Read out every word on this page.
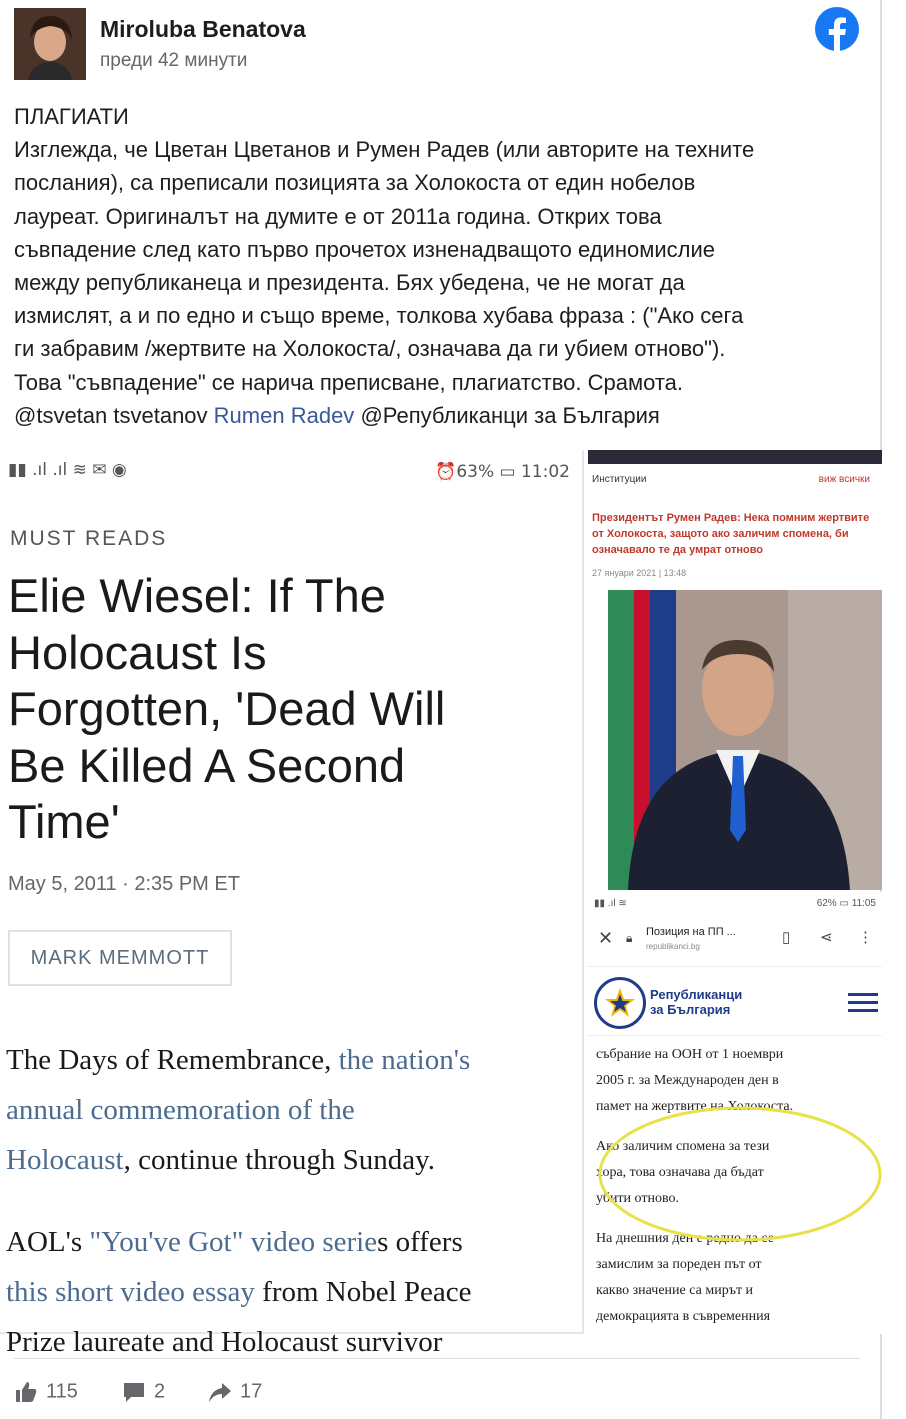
Miroluba Benatova
преди 42 минути
ПЛАГИАТИ
Изглежда, че Цветан Цветанов и Румен Радев (или авторите на техните
послания), са преписали позицията за Холокоста от един нобелов
лауреат. Оригиналът на думите е от 2011а година. Открих това
съвпадение след като първо прочетох изненадващото единомислие
между републиканеца и президента. Бях убедена, че не могат да
измислят, а и по едно и също време, толкова хубава фраза : ("Ако сега
ги забравим /жертвите на Холокоста/, означава да ги убием отново").
Това "съвпадение" се нарича преписване, плагиатство. Срамота.
@tsvetan tsvetanov Rumen Radev @Републиканци за България
▮▮ .ıl .ıl ≋ ✉ ◉	⏰63% ▭ 11:02
MUST READS
Elie Wiesel: If The
Holocaust Is
Forgotten, 'Dead Will
Be Killed A Second
Time'
May 5, 2011 · 2:35 PM ET
MARK MEMMOTT
The Days of Remembrance, the nation's
annual commemoration of the
Holocaust, continue through Sunday.
AOL's "You've Got" video series offers
this short video essay from Nobel Peace
Prize laureate and Holocaust survivor
Институции	виж всички
Президентът Румен Радев: Нека помним жертвите от Холокоста, защото ако заличим спомена, би означавало те да умрат отново
27 януари 2021 | 13:48
▮▮ .ıl ≋	62% ▭ 11:05
✕ 🔒︎ Позиция на ПП ...
republikanci.bg
▯ ⋖ ⋮
Републиканци
за България
събрание на ООН от 1 ноември
2005 г. за Международен ден в
памет на жертвите на Холокоста.
Ако заличим спомена за тези
хора, това означава да бъдат
убити отново.
На днешния ден е редно да се
замислим за пореден път от
какво значение са мирът и
демокрацията в съвременния
115	2	17
